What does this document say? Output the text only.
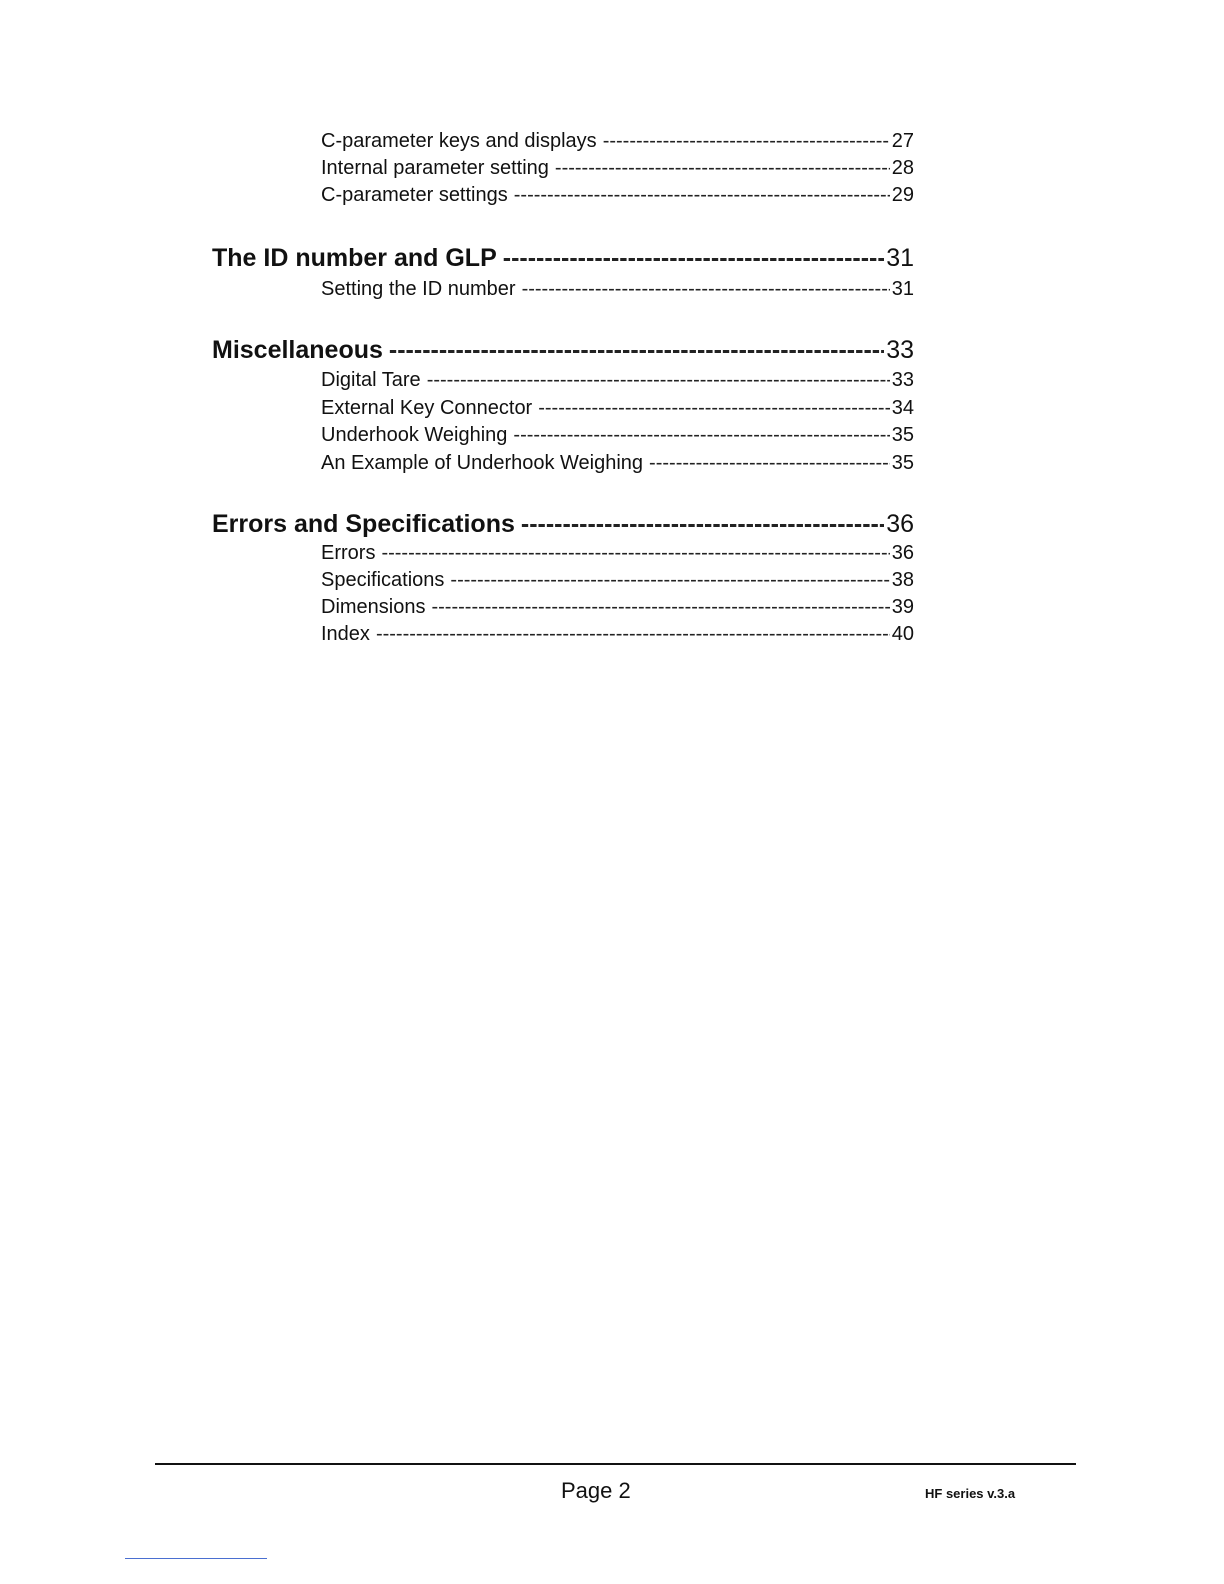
C-parameter keys and displays -----	27
Internal parameter setting -----	28
C-parameter settings -----	29
The ID number and GLP -----	31
Setting the ID number -----	31
Miscellaneous -----	33
Digital Tare -----	33
External Key Connector -----	34
Underhook Weighing -----	35
An Example of Underhook Weighing -----	35
Errors and Specifications -----	36
Errors -----	36
Specifications -----	38
Dimensions -----	39
Index -----	40
Page 2	HF series v.3.a
